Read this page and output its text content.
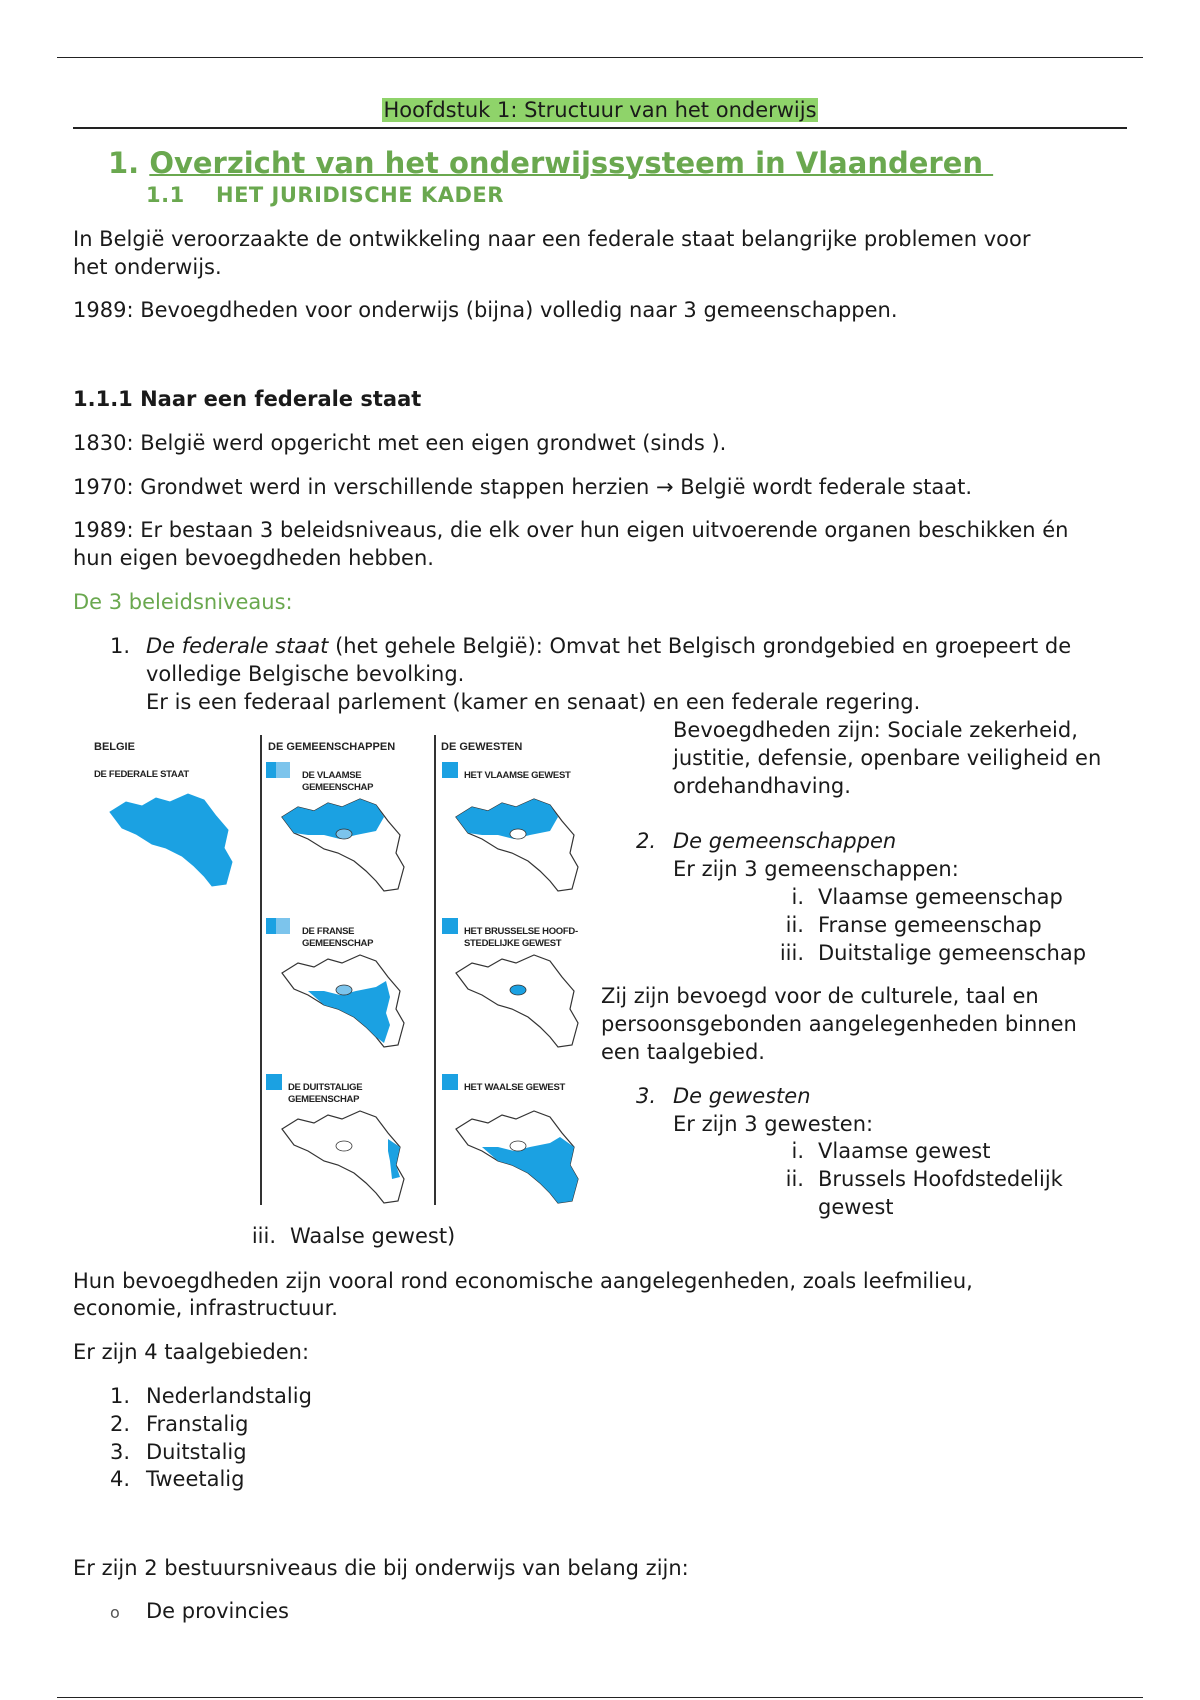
Hoofdstuk 1: Structuur van het onderwijs
1. Overzicht van het onderwijssysteem in Vlaanderen
1.1 HET JURIDISCHE KADER
In België veroorzaakte de ontwikkeling naar een federale staat belangrijke problemen voor
het onderwijs.
1989: Bevoegdheden voor onderwijs (bijna) volledig naar 3 gemeenschappen.
1.1.1 Naar een federale staat
1830: België werd opgericht met een eigen grondwet (sinds ).
1970: Grondwet werd in verschillende stappen herzien → België wordt federale staat.
1989: Er bestaan 3 beleidsniveaus, die elk over hun eigen uitvoerende organen beschikken én
hun eigen bevoegdheden hebben.
De 3 beleidsniveaus:
1. De federale staat (het gehele België): Omvat het Belgisch grondgebied en groepeert de
volledige Belgische bevolking.
Er is een federaal parlement (kamer en senaat) en een federale regering.
Bevoegdheden zijn: Sociale zekerheid,
justitie, defensie, openbare veiligheid en
ordehandhaving.
2. De gemeenschappen
Er zijn 3 gemeenschappen:
i. Vlaamse gemeenschap
ii. Franse gemeenschap
iii. Duitstalige gemeenschap
Zij zijn bevoegd voor de culturele, taal en
persoonsgebonden aangelegenheden binnen
een taalgebied.
3. De gewesten
Er zijn 3 gewesten:
i. Vlaamse gewest
ii. Brussels Hoofdstedelijk
gewest
iii. Waalse gewest)
BELGIE	DE GEMEENSCHAPPEN	DE GEWESTEN
DE FEDERALE STAAT	DE VLAAMSE
GEMEENSCHAP
DE FRANSE
GEMEENSCHAP
DE DUITSTALIGE
GEMEENSCHAP
HET VLAAMSE GEWEST
HET BRUSSELSE HOOFD-
STEDELIJKE GEWEST
HET WAALSE GEWEST
Hun bevoegdheden zijn vooral rond economische aangelegenheden, zoals leefmilieu,
economie, infrastructuur.
Er zijn 4 taalgebieden:
1. Nederlandstalig
2. Franstalig
3. Duitstalig
4. Tweetalig
Er zijn 2 bestuursniveaus die bij onderwijs van belang zijn:
o De provincies
